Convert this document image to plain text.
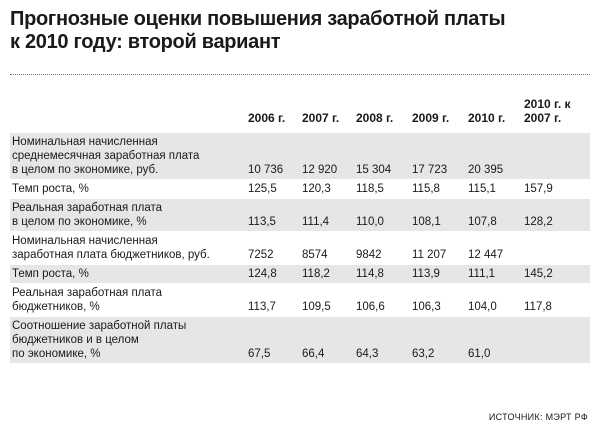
Прогнозные оценки повышения заработной платы
к 2010 году: второй вариант
	2006 г.	2007 г.	2008 г.	2009 г.	2010 г.	2010 г. к 2007 г.

Номинальная начисленная
среднемесячная заработная плата
в целом по экономике, руб.	10 736	12 920	15 304	17 723	20 395	

Темп роста, %	125,5	120,3	118,5	115,8	115,1	157,9

Реальная заработная плата
в целом по экономике, %	113,5	111,4	110,0	108,1	107,8	128,2

Номинальная начисленная
заработная плата бюджетников, руб.	7252	8574	9842	11 207	12 447	

Темп роста, %	124,8	118,2	114,8	113,9	111,1	145,2

Реальная заработная плата
бюджетников, %	113,7	109,5	106,6	106,3	104,0	117,8

Соотношение заработной платы
бюджетников и в целом
по экономике, %	67,5	66,4	64,3	63,2	61,0	
ИСТОЧНИК: МЭРТ РФ
